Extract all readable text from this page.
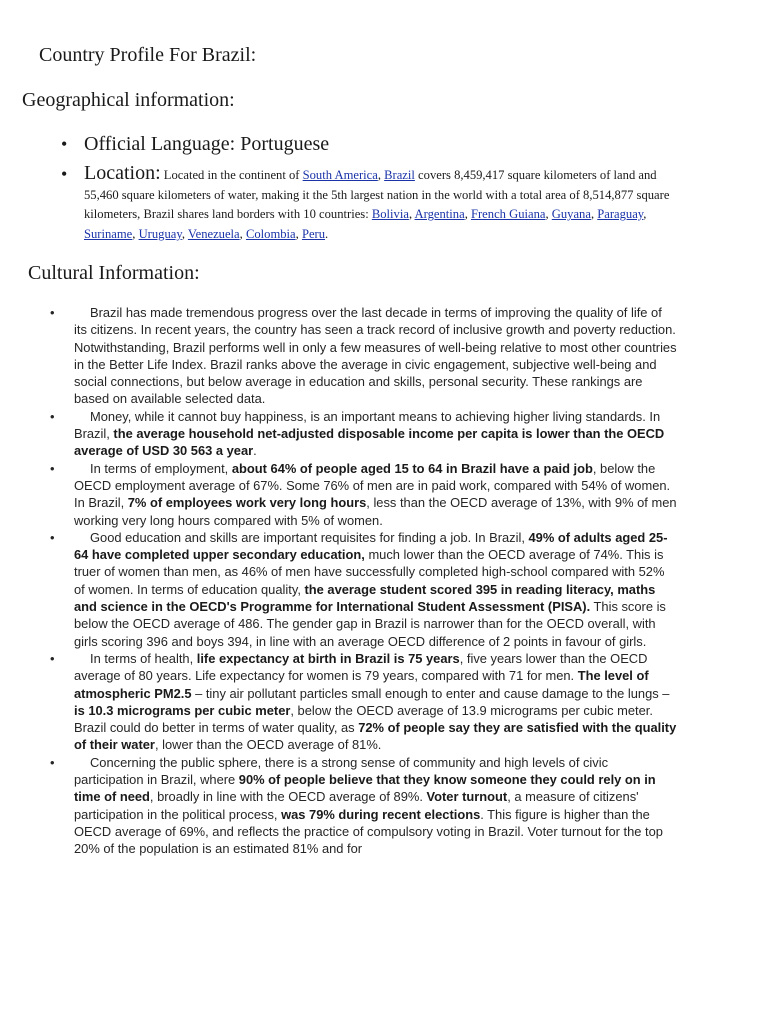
Country Profile For Brazil:
Geographical information:
• Official Language: Portuguese
• Location: Located in the continent of South America, Brazil covers 8,459,417 square kilometers of land and 55,460 square kilometers of water, making it the 5th largest nation in the world with a total area of 8,514,877 square kilometers, Brazil shares land borders with 10 countries: Bolivia, Argentina, French Guiana, Guyana, Paraguay, Suriname, Uruguay, Venezuela, Colombia, Peru.
Cultural Information:
•	Brazil has made tremendous progress over the last decade in terms of improving the quality of life of its citizens. In recent years, the country has seen a track record of inclusive growth and poverty reduction. Notwithstanding, Brazil performs well in only a few measures of well-being relative to most other countries in the Better Life Index. Brazil ranks above the average in civic engagement, subjective well-being and social connections, but below average in education and skills, personal security. These rankings are based on available selected data.
•	Money, while it cannot buy happiness, is an important means to achieving higher living standards. In Brazil, the average household net-adjusted disposable income per capita is lower than the OECD average of USD 30 563 a year.
•	In terms of employment, about 64% of people aged 15 to 64 in Brazil have a paid job, below the OECD employment average of 67%. Some 76% of men are in paid work, compared with 54% of women. In Brazil, 7% of employees work very long hours, less than the OECD average of 13%, with 9% of men working very long hours compared with 5% of women.
•	Good education and skills are important requisites for finding a job. In Brazil, 49% of adults aged 25-64 have completed upper secondary education, much lower than the OECD average of 74%. This is truer of women than men, as 46% of men have successfully completed high-school compared with 52% of women. In terms of education quality, the average student scored 395 in reading literacy, maths and science in the OECD's Programme for International Student Assessment (PISA). This score is below the OECD average of 486. The gender gap in Brazil is narrower than for the OECD overall, with girls scoring 396 and boys 394, in line with an average OECD difference of 2 points in favour of girls.
•	In terms of health, life expectancy at birth in Brazil is 75 years, five years lower than the OECD average of 80 years. Life expectancy for women is 79 years, compared with 71 for men. The level of atmospheric PM2.5 – tiny air pollutant particles small enough to enter and cause damage to the lungs – is 10.3 micrograms per cubic meter, below the OECD average of 13.9 micrograms per cubic meter. Brazil could do better in terms of water quality, as 72% of people say they are satisfied with the quality of their water, lower than the OECD average of 81%.
•	Concerning the public sphere, there is a strong sense of community and high levels of civic participation in Brazil, where 90% of people believe that they know someone they could rely on in time of need, broadly in line with the OECD average of 89%. Voter turnout, a measure of citizens' participation in the political process, was 79% during recent elections. This figure is higher than the OECD average of 69%, and reflects the practice of compulsory voting in Brazil. Voter turnout for the top 20% of the population is an estimated 81% and for
